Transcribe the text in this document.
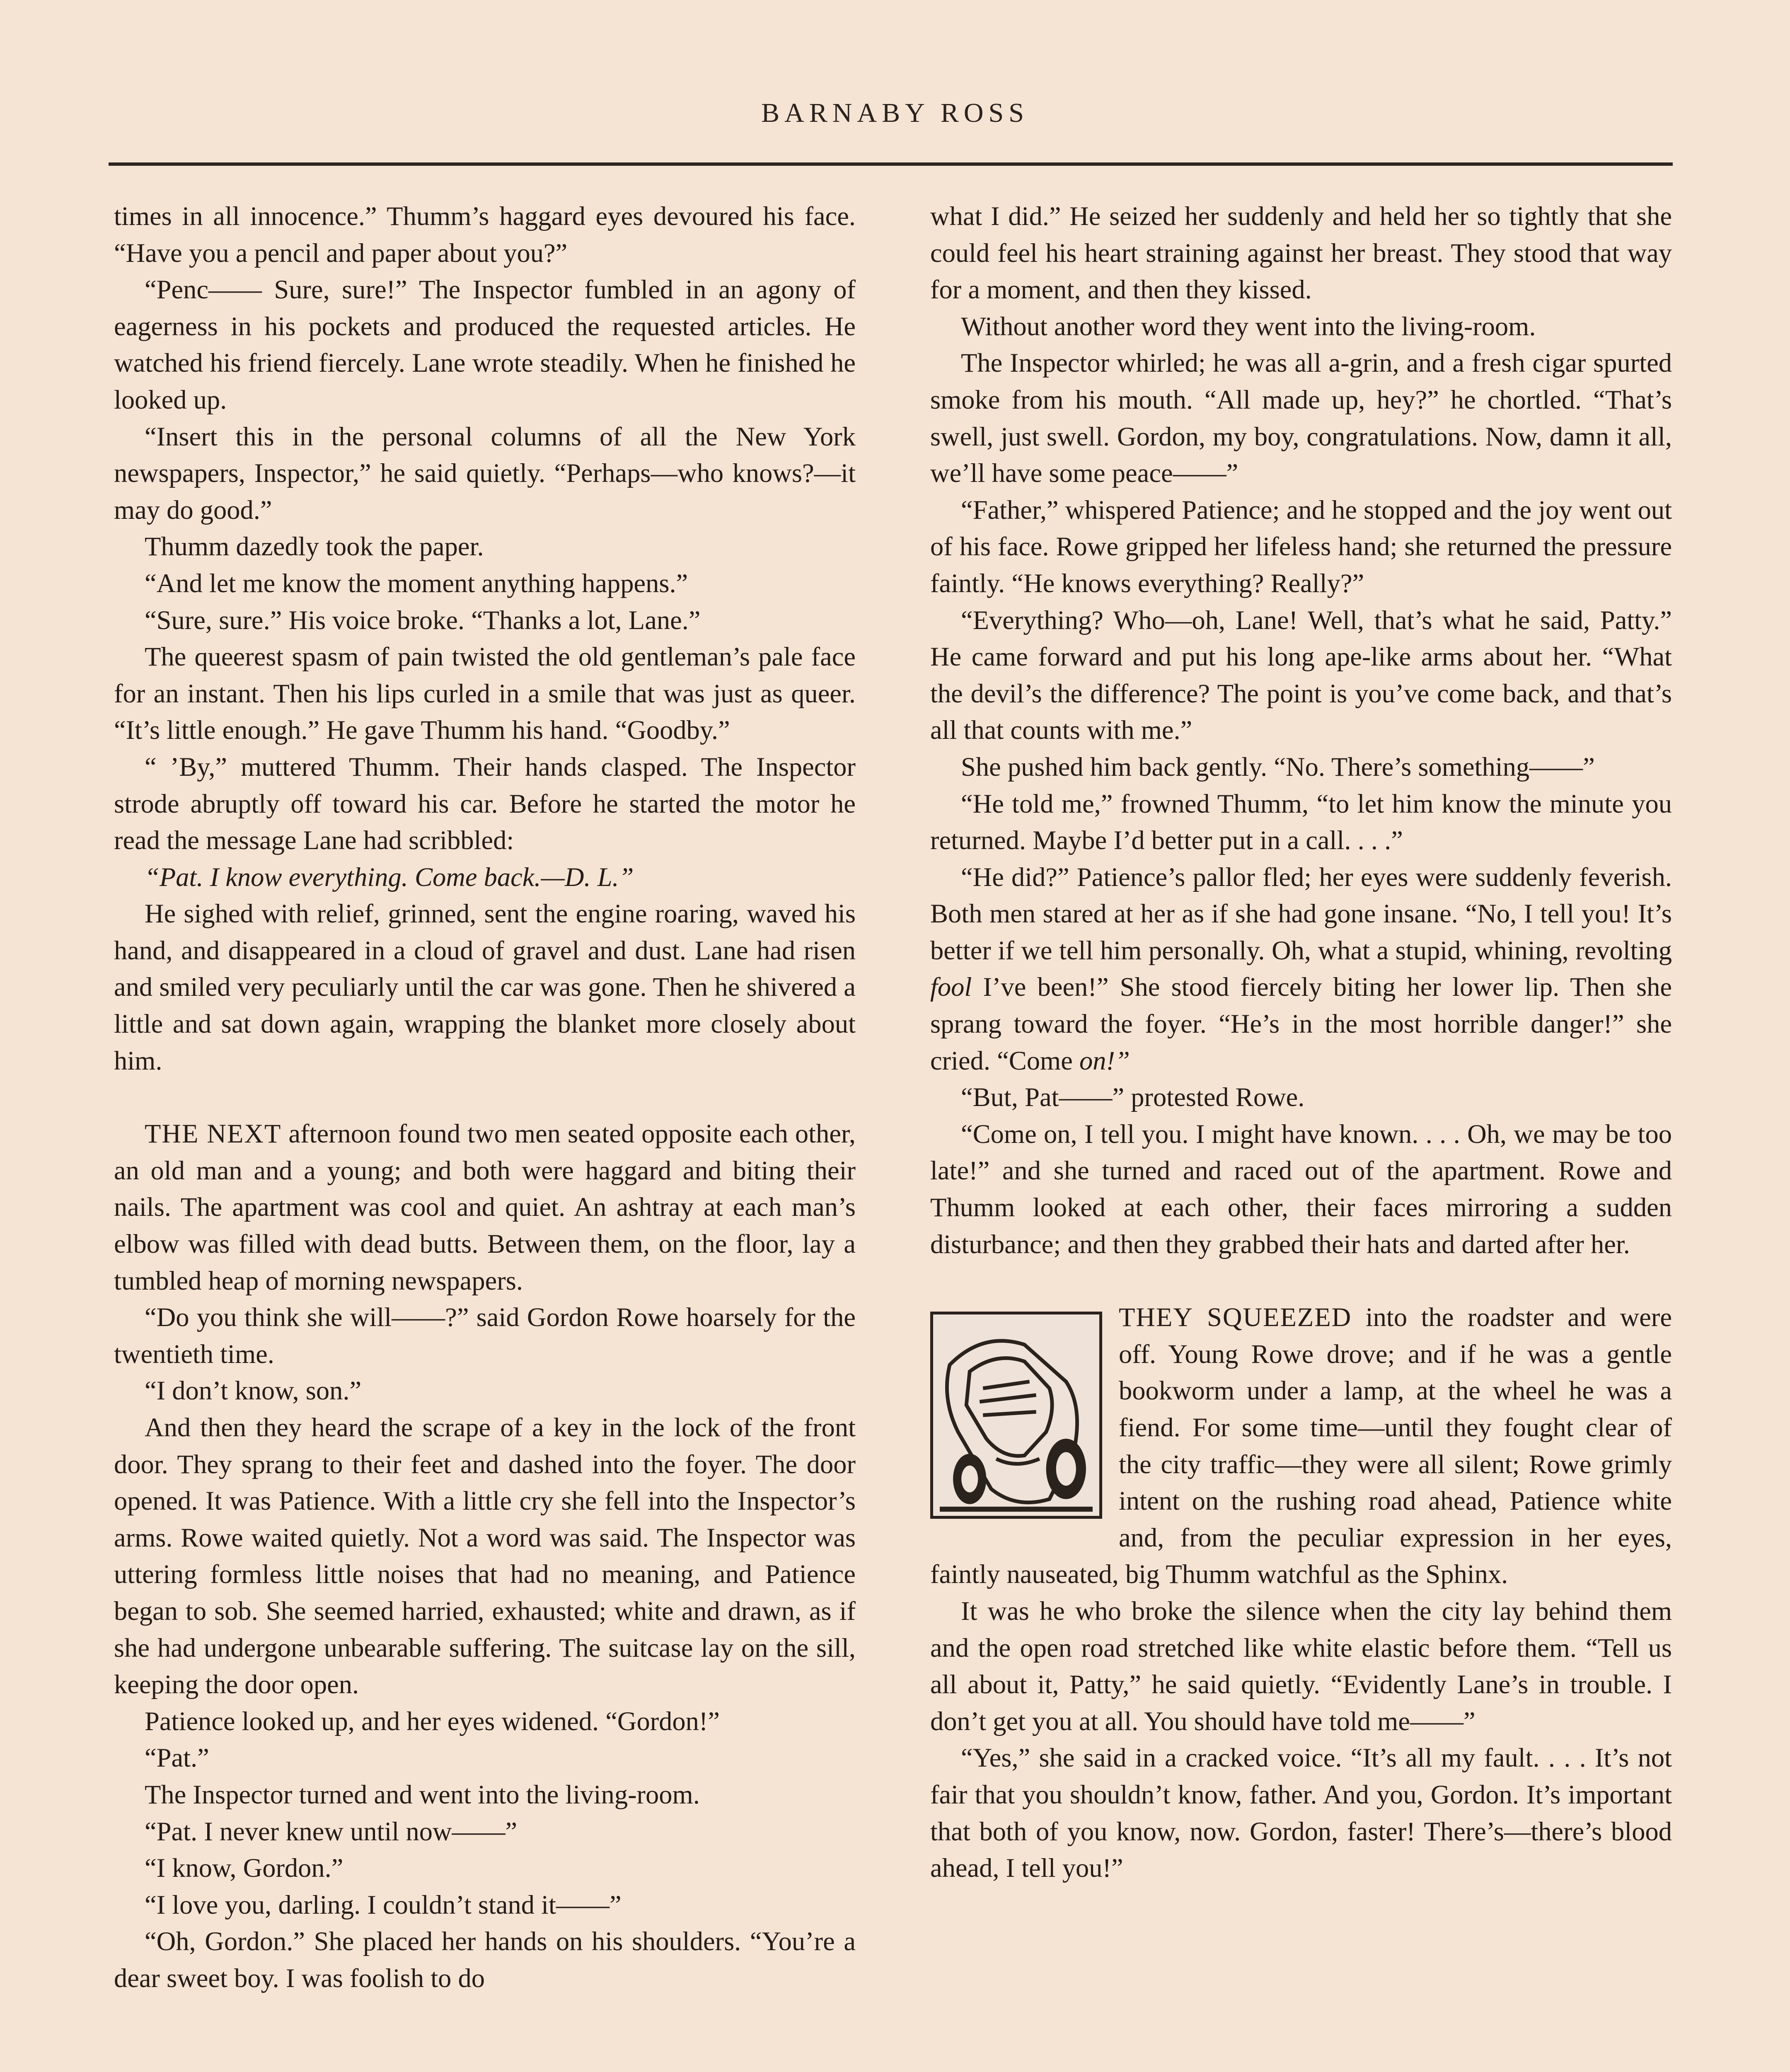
BARNABY ROSS

times in all innocence.” Thumm’s haggard eyes devoured his face. “Have you a pencil and paper about you?”

“Penc—— Sure, sure!” The Inspector fumbled in an agony of eagerness in his pockets and produced the requested articles. He watched his friend fiercely. Lane wrote steadily. When he finished he looked up.

“Insert this in the personal columns of all the New York newspapers, Inspector,” he said quietly. “Perhaps—who knows?—it may do good.”

Thumm dazedly took the paper.

“And let me know the moment anything happens.”

“Sure, sure.” His voice broke. “Thanks a lot, Lane.”

The queerest spasm of pain twisted the old gentleman’s pale face for an instant. Then his lips curled in a smile that was just as queer. “It’s little enough.” He gave Thumm his hand. “Goodby.”

“ ’By,” muttered Thumm. Their hands clasped. The Inspector strode abruptly off toward his car. Before he started the motor he read the message Lane had scribbled:

“Pat. I know everything. Come back.—D. L.”

He sighed with relief, grinned, sent the engine roaring, waved his hand, and disappeared in a cloud of gravel and dust. Lane had risen and smiled very peculiarly until the car was gone. Then he shivered a little and sat down again, wrapping the blanket more closely about him.

THE NEXT afternoon found two men seated opposite each other, an old man and a young; and both were haggard and biting their nails. The apartment was cool and quiet. An ashtray at each man’s elbow was filled with dead butts. Between them, on the floor, lay a tumbled heap of morning newspapers.

“Do you think she will——?” said Gordon Rowe hoarsely for the twentieth time.

“I don’t know, son.”

And then they heard the scrape of a key in the lock of the front door. They sprang to their feet and dashed into the foyer. The door opened. It was Patience. With a little cry she fell into the Inspector’s arms. Rowe waited quietly. Not a word was said. The Inspector was uttering formless little noises that had no meaning, and Patience began to sob. She seemed harried, exhausted; white and drawn, as if she had undergone unbearable suffering. The suitcase lay on the sill, keeping the door open.

Patience looked up, and her eyes widened. “Gordon!”

“Pat.”

The Inspector turned and went into the living-room.

“Pat. I never knew until now——”

“I know, Gordon.”

“I love you, darling. I couldn’t stand it——”

“Oh, Gordon.” She placed her hands on his shoulders. “You’re a dear sweet boy. I was foolish to do

what I did.” He seized her suddenly and held her so tightly that she could feel his heart straining against her breast. They stood that way for a moment, and then they kissed.

Without another word they went into the living-room.

The Inspector whirled; he was all a-grin, and a fresh cigar spurted smoke from his mouth. “All made up, hey?” he chortled. “That’s swell, just swell. Gordon, my boy, congratulations. Now, damn it all, we’ll have some peace——”

“Father,” whispered Patience; and he stopped and the joy went out of his face. Rowe gripped her lifeless hand; she returned the pressure faintly. “He knows everything? Really?”

“Everything? Who—oh, Lane! Well, that’s what he said, Patty.” He came forward and put his long ape-like arms about her. “What the devil’s the difference? The point is you’ve come back, and that’s all that counts with me.”

She pushed him back gently. “No. There’s something——”

“He told me,” frowned Thumm, “to let him know the minute you returned. Maybe I’d better put in a call. . . .”

“He did?” Patience’s pallor fled; her eyes were suddenly feverish. Both men stared at her as if she had gone insane. “No, I tell you! It’s better if we tell him personally. Oh, what a stupid, whining, revolting fool I’ve been!” She stood fiercely biting her lower lip. Then she sprang toward the foyer. “He’s in the most horrible danger!” she cried. “Come on!”

“But, Pat——” protested Rowe.

“Come on, I tell you. I might have known. . . . Oh, we may be too late!” and she turned and raced out of the apartment. Rowe and Thumm looked at each other, their faces mirroring a sudden disturbance; and then they grabbed their hats and darted after her.

THEY SQUEEZED into the roadster and were off. Young Rowe drove; and if he was a gentle bookworm under a lamp, at the wheel he was a fiend. For some time—until they fought clear of the city traffic—they were all silent; Rowe grimly intent on the rushing road ahead, Patience white and, from the peculiar expression in her eyes, faintly nauseated, big Thumm watchful as the Sphinx.

It was he who broke the silence when the city lay behind them and the open road stretched like white elastic before them. “Tell us all about it, Patty,” he said quietly. “Evidently Lane’s in trouble. I don’t get you at all. You should have told me——”

“Yes,” she said in a cracked voice. “It’s all my fault. . . . It’s not fair that you shouldn’t know, father. And you, Gordon. It’s important that both of you know, now. Gordon, faster! There’s—there’s blood ahead, I tell you!”
